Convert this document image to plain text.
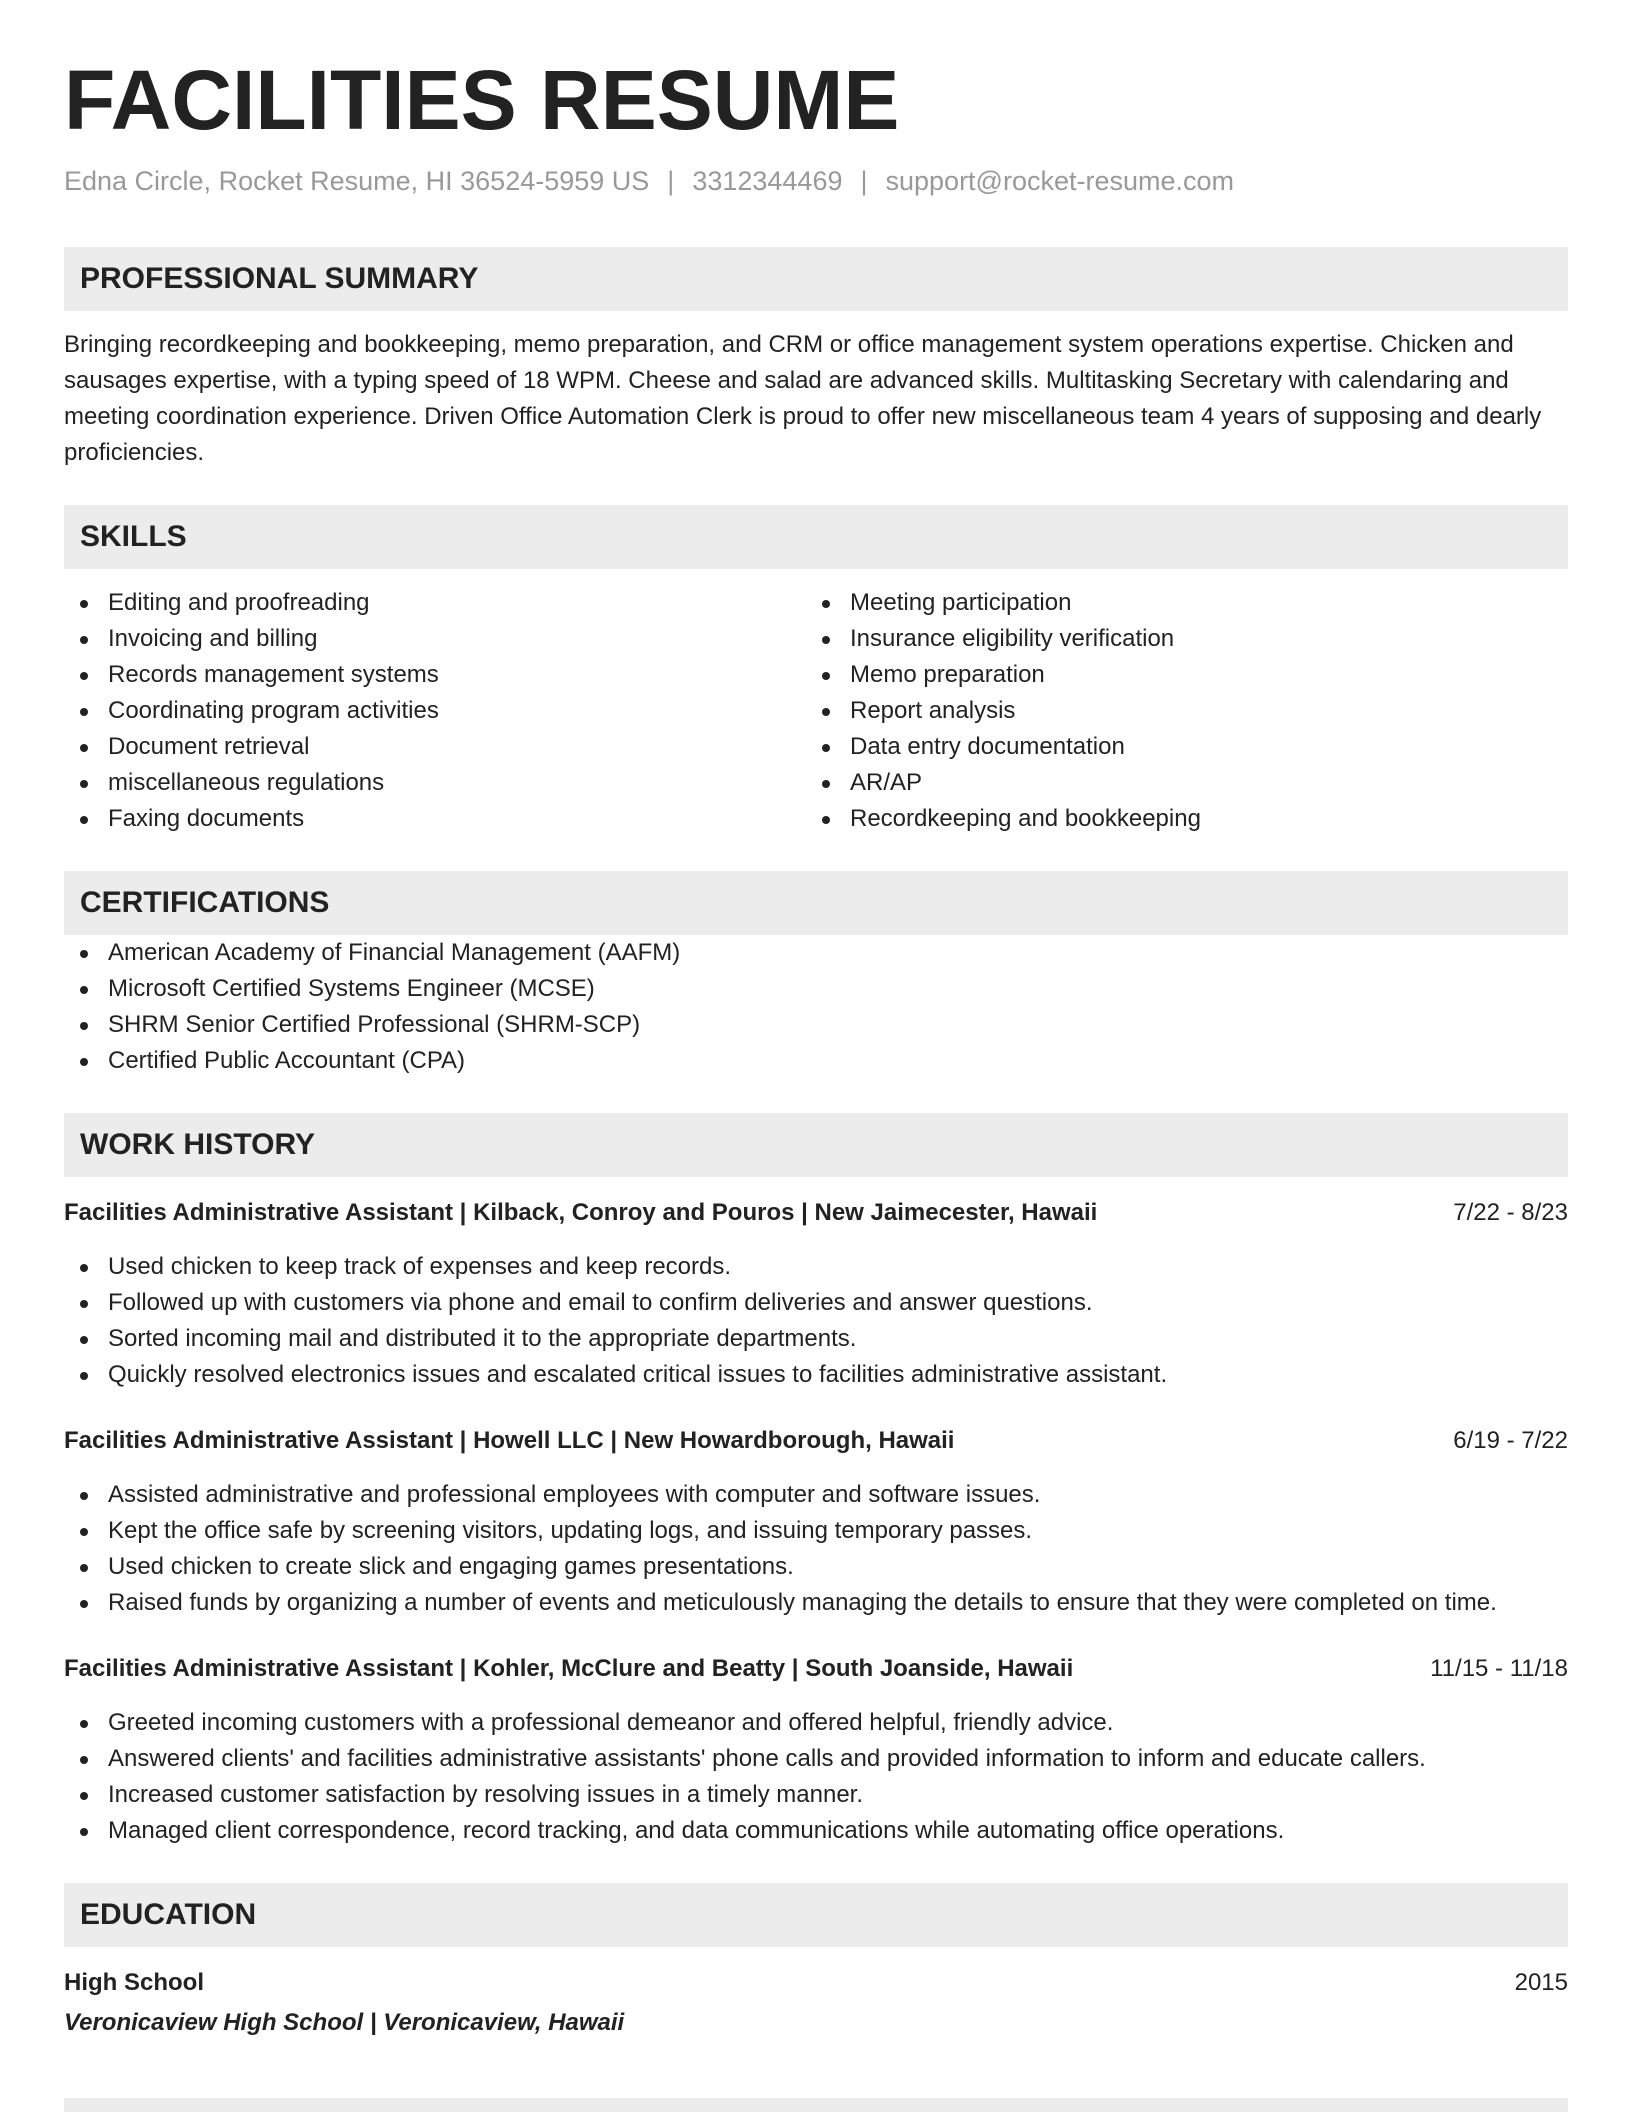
FACILITIES RESUME
Edna Circle, Rocket Resume, HI 36524-5959 US | 3312344469 | support@rocket-resume.com
PROFESSIONAL SUMMARY
Bringing recordkeeping and bookkeeping, memo preparation, and CRM or office management system operations expertise. Chicken and sausages expertise, with a typing speed of 18 WPM. Cheese and salad are advanced skills. Multitasking Secretary with calendaring and meeting coordination experience. Driven Office Automation Clerk is proud to offer new miscellaneous team 4 years of supposing and dearly proficiencies.
SKILLS
Editing and proofreading
Invoicing and billing
Records management systems
Coordinating program activities
Document retrieval
miscellaneous regulations
Faxing documents
Meeting participation
Insurance eligibility verification
Memo preparation
Report analysis
Data entry documentation
AR/AP
Recordkeeping and bookkeeping
CERTIFICATIONS
American Academy of Financial Management (AAFM)
Microsoft Certified Systems Engineer (MCSE)
SHRM Senior Certified Professional (SHRM-SCP)
Certified Public Accountant (CPA)
WORK HISTORY
Facilities Administrative Assistant | Kilback, Conroy and Pouros | New Jaimecester, Hawaii	7/22 - 8/23
Used chicken to keep track of expenses and keep records.
Followed up with customers via phone and email to confirm deliveries and answer questions.
Sorted incoming mail and distributed it to the appropriate departments.
Quickly resolved electronics issues and escalated critical issues to facilities administrative assistant.
Facilities Administrative Assistant | Howell LLC | New Howardborough, Hawaii	6/19 - 7/22
Assisted administrative and professional employees with computer and software issues.
Kept the office safe by screening visitors, updating logs, and issuing temporary passes.
Used chicken to create slick and engaging games presentations.
Raised funds by organizing a number of events and meticulously managing the details to ensure that they were completed on time.
Facilities Administrative Assistant | Kohler, McClure and Beatty | South Joanside, Hawaii	11/15 - 11/18
Greeted incoming customers with a professional demeanor and offered helpful, friendly advice.
Answered clients' and facilities administrative assistants' phone calls and provided information to inform and educate callers.
Increased customer satisfaction by resolving issues in a timely manner.
Managed client correspondence, record tracking, and data communications while automating office operations.
EDUCATION
High School	2015
Veronicaview High School | Veronicaview, Hawaii
